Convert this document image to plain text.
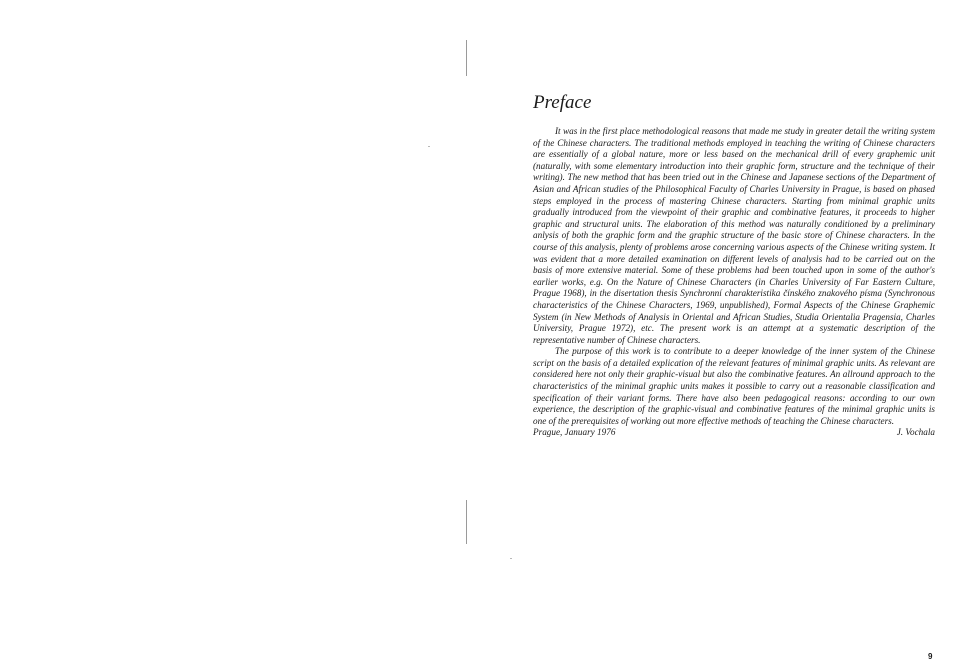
Preface

It was in the first place methodological reasons that made me study in greater detail the writing system of the Chinese characters. The traditional methods employed in teaching the writing of Chinese characters are essentially of a global nature, more or less based on the mechanical drill of every graphemic unit (naturally, with some elementary introduction into their graphic form, structure and the technique of their writing). The new method that has been tried out in the Chinese and Japanese sections of the Department of Asian and African studies of the Philosophical Faculty of Charles University in Prague, is based on phased steps employed in the process of mastering Chinese characters. Starting from minimal graphic units gradually introduced from the viewpoint of their graphic and combinative features, it proceeds to higher graphic and structural units. The elaboration of this method was naturally conditioned by a preliminary anlysis of both the graphic form and the graphic structure of the basic store of Chinese characters. In the course of this analysis, plenty of problems arose concerning various aspects of the Chinese writing system. It was evident that a more detailed examination on different levels of analysis had to be carried out on the basis of more extensive material. Some of these problems had been touched upon in some of the author's earlier works, e.g. On the Nature of Chinese Characters (in Charles University of Far Eastern Culture, Prague 1968), in the disertation thesis Synchronní charakteristika čínského znakového písma (Synchronous characteristics of the Chinese Characters, 1969, unpublished), Formal Aspects of the Chinese Graphemic System (in New Methods of Analysis in Oriental and African Studies, Studia Orientalia Pragensia, Charles University, Prague 1972), etc. The present work is an attempt at a systematic description of the representative number of Chinese characters.

The purpose of this work is to contribute to a deeper knowledge of the inner system of the Chinese script on the basis of a detailed explication of the relevant features of minimal graphic units. As relevant are considered here not only their graphic-visual but also the combinative features. An allround approach to the characteristics of the minimal graphic units makes it possible to carry out a reasonable classification and specification of their variant forms. There have also been pedagogical reasons: according to our own experience, the description of the graphic-visual and combinative features of the minimal graphic units is one of the prerequisites of working out more effective methods of teaching the Chinese characters.

Prague, January 1976	J. Vochala
9
